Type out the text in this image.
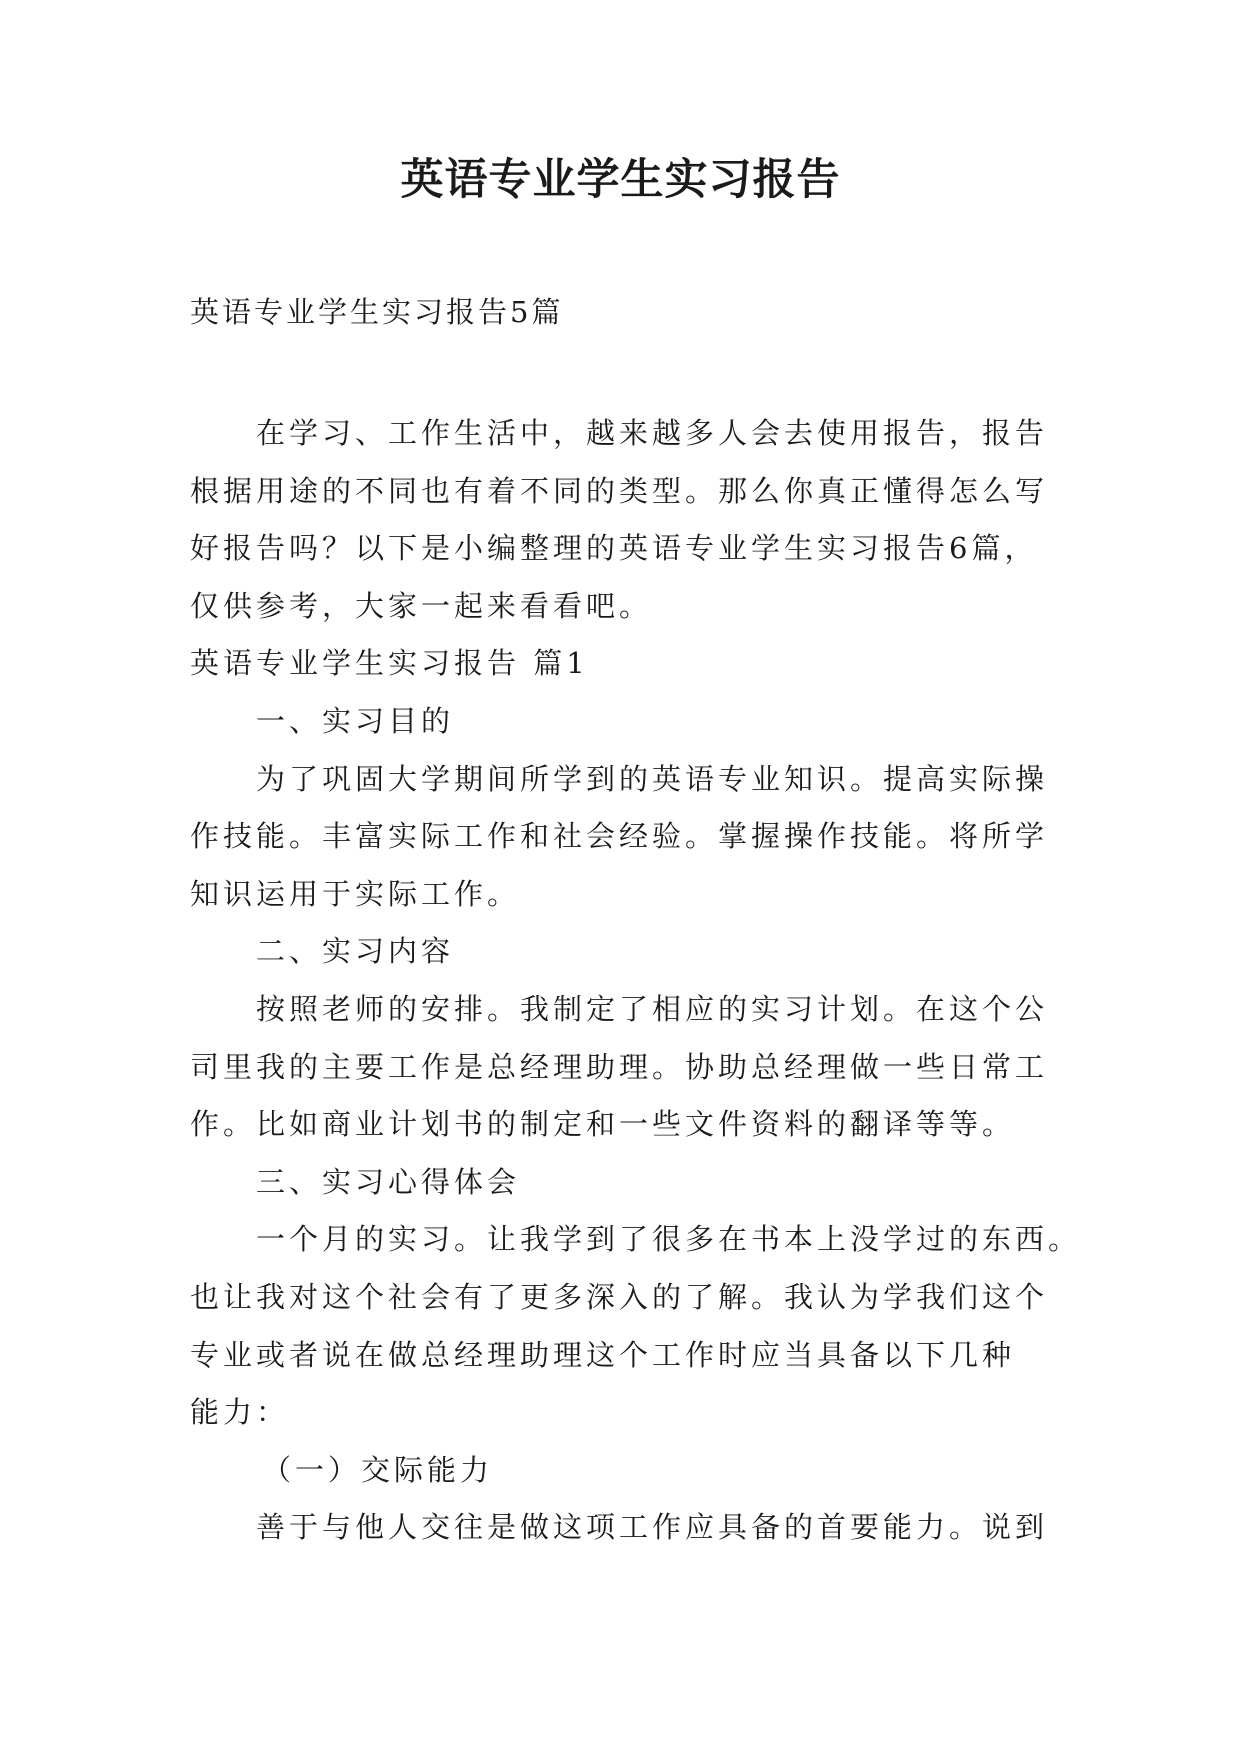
英语专业学生实习报告

英语专业学生实习报告5篇

在学习、工作生活中，越来越多人会去使用报告，报告
根据用途的不同也有着不同的类型。那么你真正懂得怎么写
好报告吗？以下是小编整理的英语专业学生实习报告6篇，
仅供参考，大家一起来看看吧。
英语专业学生实习报告 篇1
一、实习目的
为了巩固大学期间所学到的英语专业知识。提高实际操
作技能。丰富实际工作和社会经验。掌握操作技能。将所学
知识运用于实际工作。
二、实习内容
按照老师的安排。我制定了相应的实习计划。在这个公
司里我的主要工作是总经理助理。协助总经理做一些日常工
作。比如商业计划书的制定和一些文件资料的翻译等等。
三、实习心得体会
一个月的实习。让我学到了很多在书本上没学过的东西。
也让我对这个社会有了更多深入的了解。我认为学我们这个
专业或者说在做总经理助理这个工作时应当具备以下几种
能力：
（一）交际能力
善于与他人交往是做这项工作应具备的首要能力。说到
